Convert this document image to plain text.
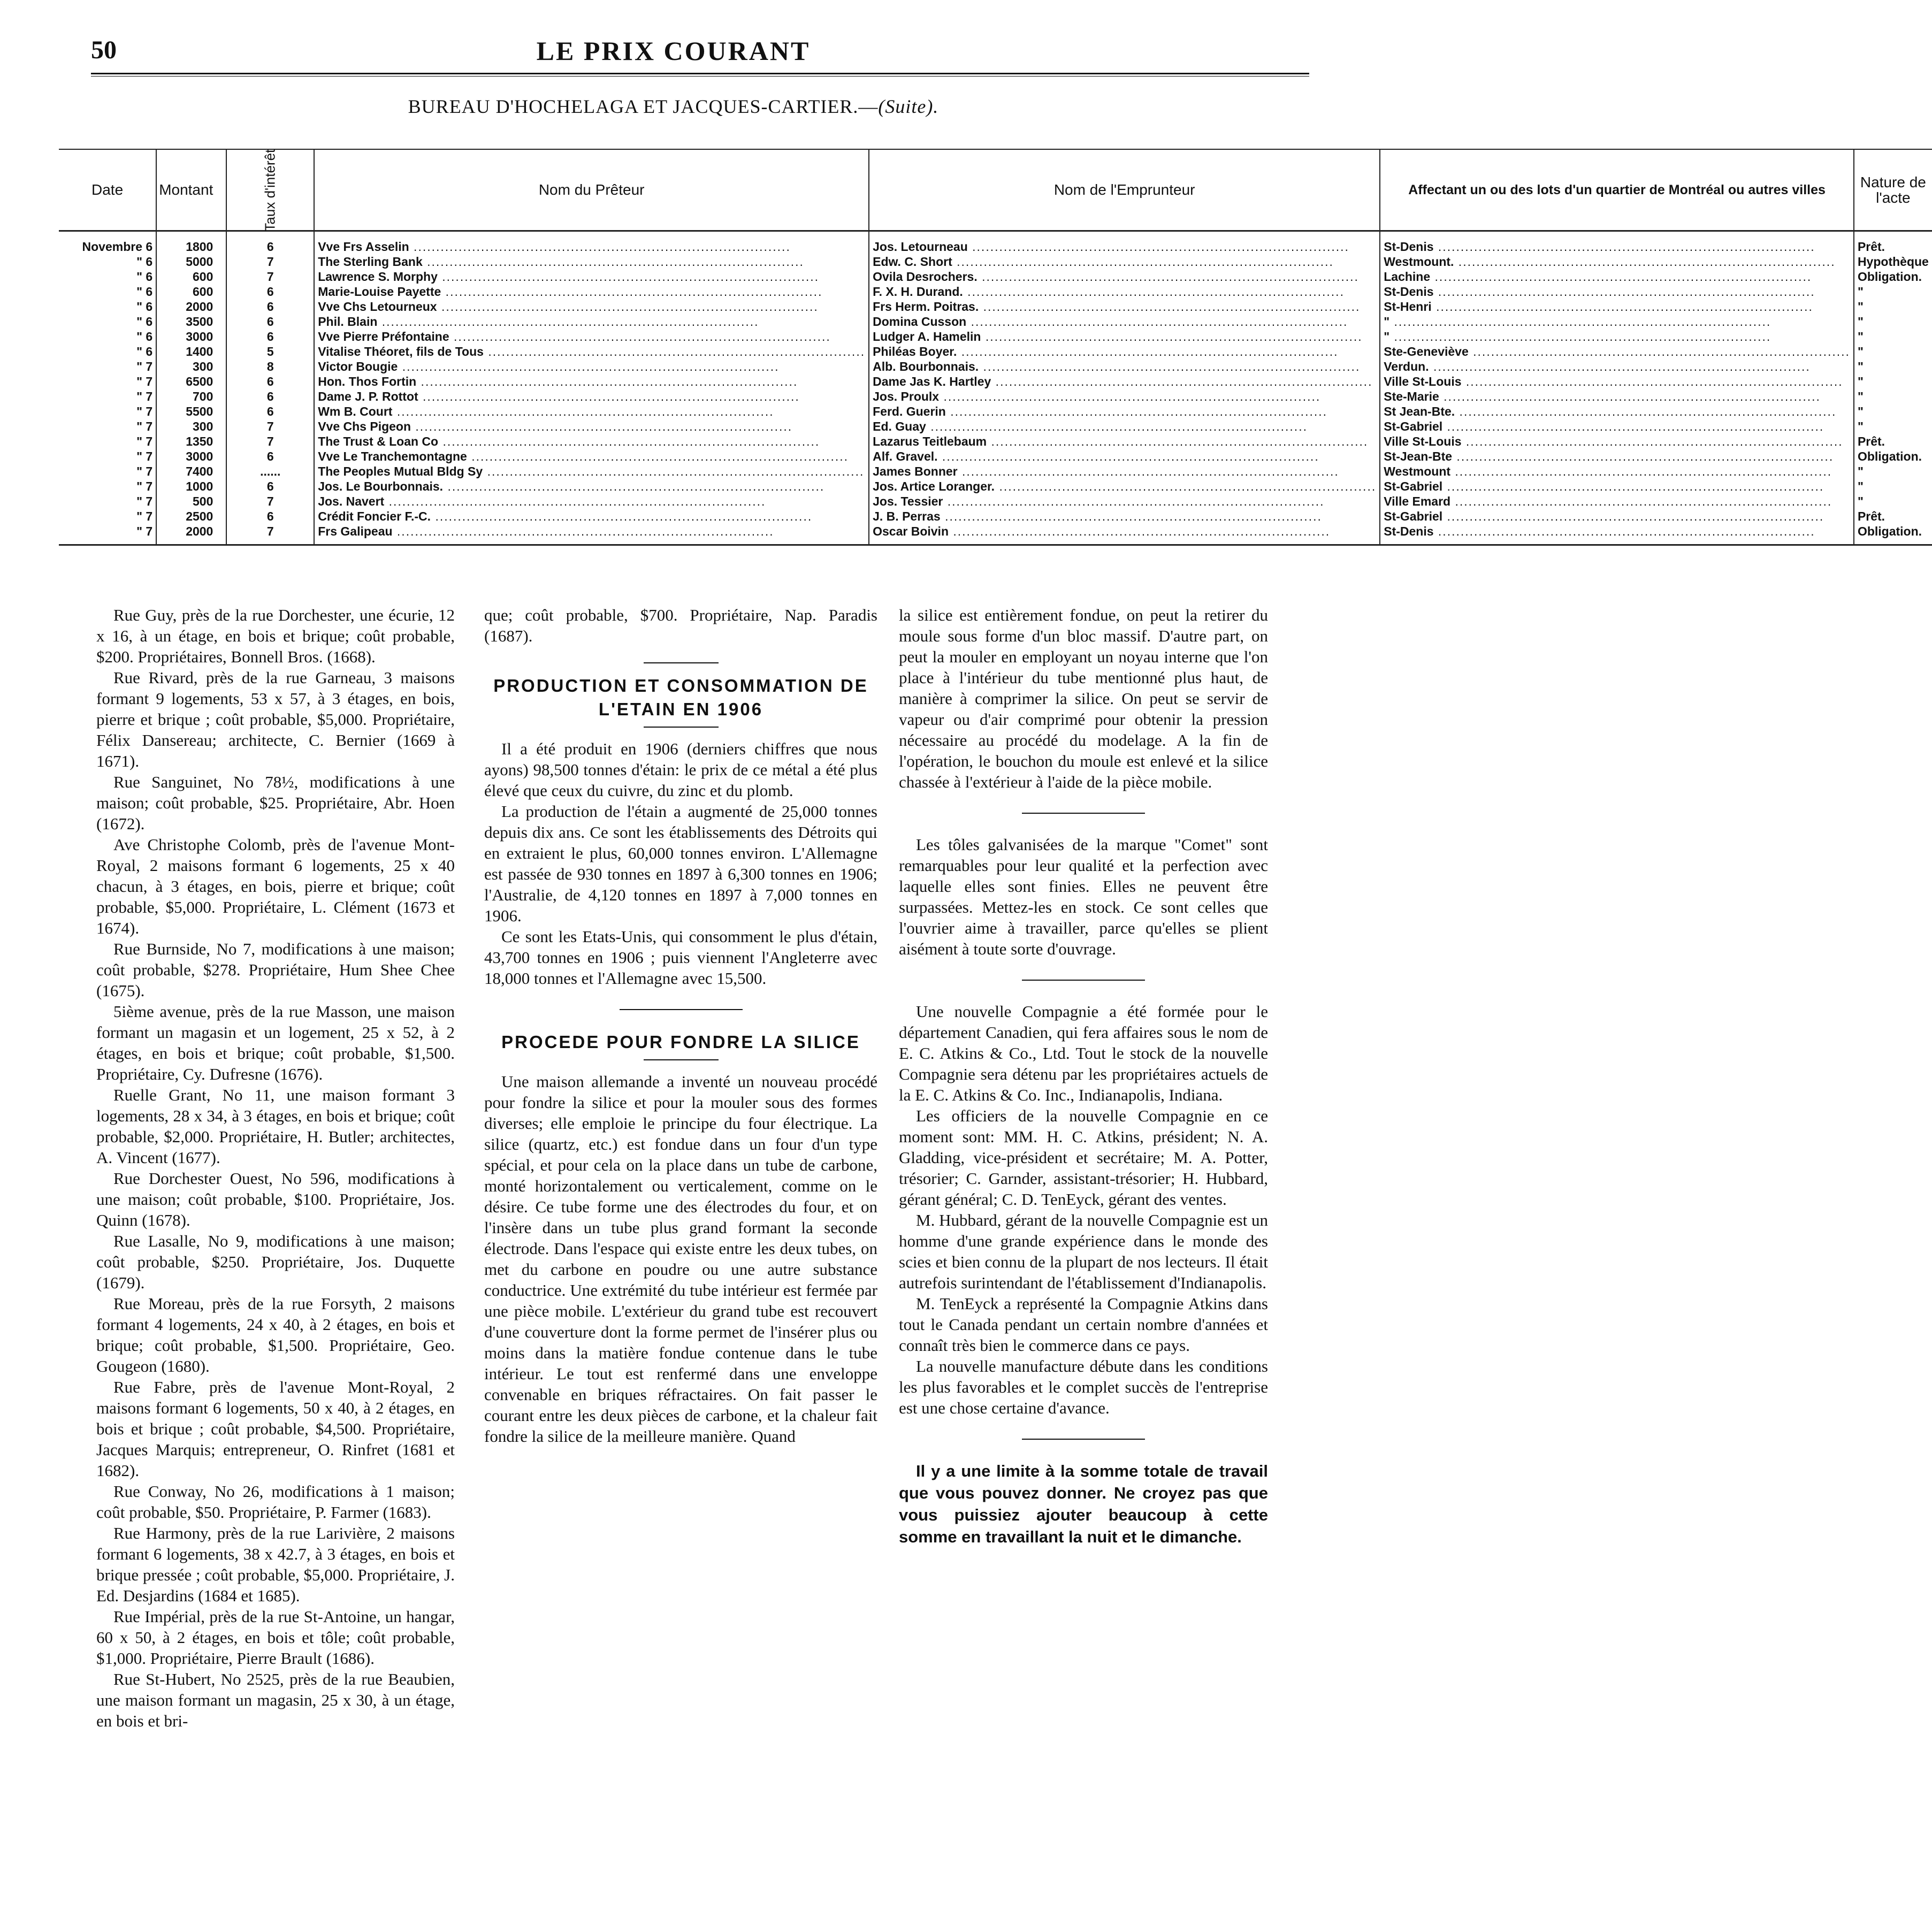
50	LE PRIX COURANT
BUREAU D'HOCHELAGA ET JACQUES-CARTIER.—(Suite).
Date	Montant	Taux d'intérêt	Nom du Prêteur	Nom de l'Emprunteur	Affectant un ou des lots d'un quartier de Montréal ou autres villes	Nature de l'acte
Novembre 6	1800	6	Vve Frs Asselin .....	Jos. Letourneau .....	St-Denis .....	Prêt.
" 6	5000	7	The Sterling Bank .....	Edw. C. Short .....	Westmount. .....	Hypothèque
" 6	600	7	Lawrence S. Morphy .....	Ovila Desrochers. .....	Lachine .....	Obligation.
" 6	600	6	Marie-Louise Payette .....	F. X. H. Durand. .....	St-Denis .....	"
" 6	2000	6	Vve Chs Letourneux .....	Frs Herm. Poitras. .....	St-Henri .....	"
" 6	3500	6	Phil. Blain .....	Domina Cusson .....	" .....	"
" 6	3000	6	Vve Pierre Préfontaine .....	Ludger A. Hamelin .....	" .....	"
" 6	1400	5	Vitalise Théoret, fils de Tous .....	Philéas Boyer. .....	Ste-Geneviève .....	"
" 7	300	8	Victor Bougie .....	Alb. Bourbonnais. .....	Verdun. .....	"
" 7	6500	6	Hon. Thos Fortin .....	Dame Jas K. Hartley .....	Ville St-Louis .....	"
" 7	700	6	Dame J. P. Rottot .....	Jos. Proulx .....	Ste-Marie .....	"
" 7	5500	6	Wm B. Court .....	Ferd. Guerin .....	St Jean-Bte. .....	"
" 7	300	7	Vve Chs Pigeon .....	Ed. Guay .....	St-Gabriel .....	"
" 7	1350	7	The Trust & Loan Co .....	Lazarus Teitlebaum .....	Ville St-Louis .....	Prêt.
" 7	3000	6	Vve Le Tranchemontagne .....	Alf. Gravel. .....	St-Jean-Bte .....	Obligation.
" 7	7400	......	The Peoples Mutual Bldg Sy .....	James Bonner .....	Westmount .....	"
" 7	1000	6	Jos. Le Bourbonnais. .....	Jos. Artice Loranger. .....	St-Gabriel .....	"
" 7	500	7	Jos. Navert .....	Jos. Tessier .....	Ville Emard .....	"
" 7	2500	6	Crédit Foncier F.-C. .....	J. B. Perras .....	St-Gabriel .....	Prêt.
" 7	2000	7	Frs Galipeau .....	Oscar Boivin .....	St-Denis .....	Obligation.

Rue Guy, près de la rue Dorchester, une écurie, 12 x 16, à un étage, en bois et brique; coût probable, $200. Propriétaires, Bonnell Bros. (1668).

Rue Rivard, près de la rue Garneau, 3 maisons formant 9 logements, 53 x 57, à 3 étages, en bois, pierre et brique ; coût probable, $5,000. Propriétaire, Félix Dansereau; architecte, C. Bernier (1669 à 1671).

Rue Sanguinet, No 78½, modifications à une maison; coût probable, $25. Propriétaire, Abr. Hoen (1672).

Ave Christophe Colomb, près de l'avenue Mont-Royal, 2 maisons formant 6 logements, 25 x 40 chacun, à 3 étages, en bois, pierre et brique; coût probable, $5,000. Propriétaire, L. Clément (1673 et 1674).

Rue Burnside, No 7, modifications à une maison; coût probable, $278. Propriétaire, Hum Shee Chee (1675).

5ième avenue, près de la rue Masson, une maison formant un magasin et un logement, 25 x 52, à 2 étages, en bois et brique; coût probable, $1,500. Propriétaire, Cy. Dufresne (1676).

Ruelle Grant, No 11, une maison formant 3 logements, 28 x 34, à 3 étages, en bois et brique; coût probable, $2,000. Propriétaire, H. Butler; architectes, A. Vincent (1677).

Rue Dorchester Ouest, No 596, modifications à une maison; coût probable, $100. Propriétaire, Jos. Quinn (1678).

Rue Lasalle, No 9, modifications à une maison; coût probable, $250. Propriétaire, Jos. Duquette (1679).

Rue Moreau, près de la rue Forsyth, 2 maisons formant 4 logements, 24 x 40, à 2 étages, en bois et brique; coût probable, $1,500. Propriétaire, Geo. Gougeon (1680).

Rue Fabre, près de l'avenue Mont-Royal, 2 maisons formant 6 logements, 50 x 40, à 2 étages, en bois et brique ; coût probable, $4,500. Propriétaire, Jacques Marquis; entrepreneur, O. Rinfret (1681 et 1682).

Rue Conway, No 26, modifications à 1 maison; coût probable, $50. Propriétaire, P. Farmer (1683).

Rue Harmony, près de la rue Larivière, 2 maisons formant 6 logements, 38 x 42.7, à 3 étages, en bois et brique pressée ; coût probable, $5,000. Propriétaire, J. Ed. Desjardins (1684 et 1685).

Rue Impérial, près de la rue St-Antoine, un hangar, 60 x 50, à 2 étages, en bois et tôle; coût probable, $1,000. Propriétaire, Pierre Brault (1686).

Rue St-Hubert, No 2525, près de la rue Beaubien, une maison formant un magasin, 25 x 30, à un étage, en bois et bri-

que; coût probable, $700. Propriétaire, Nap. Paradis (1687).

PRODUCTION ET CONSOMMATION DE L'ETAIN EN 1906

Il a été produit en 1906 (derniers chiffres que nous ayons) 98,500 tonnes d'étain: le prix de ce métal a été plus élevé que ceux du cuivre, du zinc et du plomb.

La production de l'étain a augmenté de 25,000 tonnes depuis dix ans. Ce sont les établissements des Détroits qui en extraient le plus, 60,000 tonnes environ. L'Allemagne est passée de 930 tonnes en 1897 à 6,300 tonnes en 1906; l'Australie, de 4,120 tonnes en 1897 à 7,000 tonnes en 1906.

Ce sont les Etats-Unis, qui consomment le plus d'étain, 43,700 tonnes en 1906 ; puis viennent l'Angleterre avec 18,000 tonnes et l'Allemagne avec 15,500.

PROCEDE POUR FONDRE LA SILICE

Une maison allemande a inventé un nouveau procédé pour fondre la silice et pour la mouler sous des formes diverses; elle emploie le principe du four électrique. La silice (quartz, etc.) est fondue dans un four d'un type spécial, et pour cela on la place dans un tube de carbone, monté horizontalement ou verticalement, comme on le désire. Ce tube forme une des électrodes du four, et on l'insère dans un tube plus grand formant la seconde électrode. Dans l'espace qui existe entre les deux tubes, on met du carbone en poudre ou une autre substance conductrice. Une extrémité du tube intérieur est fermée par une pièce mobile. L'extérieur du grand tube est recouvert d'une couverture dont la forme permet de l'insérer plus ou moins dans la matière fondue contenue dans le tube intérieur. Le tout est renfermé dans une enveloppe convenable en briques réfractaires. On fait passer le courant entre les deux pièces de carbone, et la chaleur fait fondre la silice de la meilleure manière. Quand

la silice est entièrement fondue, on peut la retirer du moule sous forme d'un bloc massif. D'autre part, on peut la mouler en employant un noyau interne que l'on place à l'intérieur du tube mentionné plus haut, de manière à comprimer la silice. On peut se servir de vapeur ou d'air comprimé pour obtenir la pression nécessaire au procédé du modelage. A la fin de l'opération, le bouchon du moule est enlevé et la silice chassée à l'extérieur à l'aide de la pièce mobile.

Les tôles galvanisées de la marque "Comet" sont remarquables pour leur qualité et la perfection avec laquelle elles sont finies. Elles ne peuvent être surpassées. Mettez-les en stock. Ce sont celles que l'ouvrier aime à travailler, parce qu'elles se plient aisément à toute sorte d'ouvrage.

Une nouvelle Compagnie a été formée pour le département Canadien, qui fera affaires sous le nom de E. C. Atkins & Co., Ltd. Tout le stock de la nouvelle Compagnie sera détenu par les propriétaires actuels de la E. C. Atkins & Co. Inc., Indianapolis, Indiana.

Les officiers de la nouvelle Compagnie en ce moment sont: MM. H. C. Atkins, président; N. A. Gladding, vice-président et secrétaire; M. A. Potter, trésorier; C. Garnder, assistant-trésorier; H. Hubbard, gérant général; C. D. TenEyck, gérant des ventes.

M. Hubbard, gérant de la nouvelle Compagnie est un homme d'une grande expérience dans le monde des scies et bien connu de la plupart de nos lecteurs. Il était autrefois surintendant de l'établissement d'Indianapolis.

M. TenEyck a représenté la Compagnie Atkins dans tout le Canada pendant un certain nombre d'années et connaît très bien le commerce dans ce pays.

La nouvelle manufacture débute dans les conditions les plus favorables et le complet succès de l'entreprise est une chose certaine d'avance.

Il y a une limite à la somme totale de travail que vous pouvez donner. Ne croyez pas que vous puissiez ajouter beaucoup à cette somme en travaillant la nuit et le dimanche.
